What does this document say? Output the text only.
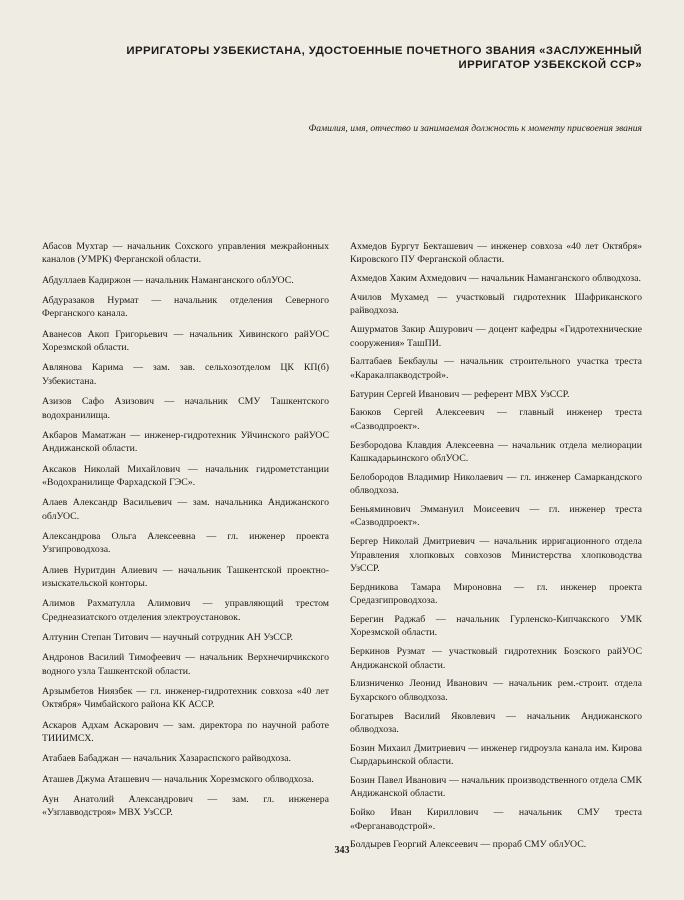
ИРРИГАТОРЫ УЗБЕКИСТАНА, УДОСТОЕННЫЕ ПОЧЕТНОГО ЗВАНИЯ «ЗАСЛУЖЕННЫЙ
ИРРИГАТОР УЗБЕКСКОЙ ССР»
Фамилия, имя, отчество и занимаемая должность к моменту присвоения звания

Абасов Мухтар — начальник Сохского управления межрайонных каналов (УМРК) Ферганской области.

Абдуллаев Кадиржон — начальник Наманганского облУОС.

Абдуразаков Нурмат — начальник отделения Северного Ферганского канала.

Аванесов Акоп Григорьевич — начальник Хивинского райУОС Хорезмской области.

Авлянова Карима — зам. зав. сельхозотделом ЦК КП(б) Узбекистана.

Азизов Сафо Азизович — начальник СМУ Ташкентского водохранилища.

Акбаров Маматжан — инженер-гидротехник Уйчинского райУОС Андижанской области.

Аксаков Николай Михайлович — начальник гидрометстанции «Водохранилище Фархадской ГЭС».

Алаев Александр Васильевич — зам. начальника Андижанского облУОС.

Александрова Ольга Алексеевна — гл. инженер проекта Узгипроводхоза.

Алиев Нуритдин Алиевич — начальник Ташкентской проектно-изыскательской конторы.

Алимов Рахматулла Алимович — управляющий трестом Среднеазиатского отделения электроустановок.

Алтунин Степан Титович — научный сотрудник АН УзССР.

Андронов Василий Тимофеевич — начальник Верхнечирчикского водного узла Ташкентской области.

Арзымбетов Ниязбек — гл. инженер-гидротехник совхоза «40 лет Октября» Чимбайского района КК АССР.

Аскаров Адхам Аскарович — зам. директора по научной работе ТИИИМСХ.

Атабаев Бабаджан — начальник Хазараспского райводхоза.

Аташев Джума Аташевич — начальник Хорезмского облводхоза.

Аун Анатолий Александрович — зам. гл. инженера «Узглавводстроя» МВХ УзССР.

Ахмедов Бургут Бекташевич — инженер совхоза «40 лет Октября» Кировского ПУ Ферганской области.

Ахмедов Хаким Ахмедович — начальник Наманганского облводхоза.

Ачилов Мухамед — участковый гидротехник Шафриканского райводхоза.

Ашурматов Закир Ашурович — доцент кафедры «Гидротехнические сооружения» ТашПИ.

Балтабаев Бекбаулы — начальник строительного участка треста «Каракалпакводстрой».

Батурин Сергей Иванович — референт МВХ УзССР.

Баюков Сергей Алексеевич — главный инженер треста «Сазводпроект».

Безбородова Клавдия Алексеевна — начальник отдела мелиорации Кашкадарьинского облУОС.

Белобородов Владимир Николаевич — гл. инженер Самаркандского облводхоза.

Беньяминович Эммануил Моисеевич — гл. инженер треста «Сазводпроект».

Бергер Николай Дмитриевич — начальник ирригационного отдела Управления хлопковых совхозов Министерства хлопководства УзССР.

Бердникова Тамара Мироновна — гл. инженер проекта Средазгипроводхоза.

Берегин Раджаб — начальник Гурленско-Кипчакского УМК Хорезмской области.

Беркинов Рузмат — участковый гидротехник Бозского райУОС Андижанской области.

Близниченко Леонид Иванович — начальник рем.-строит. отдела Бухарского облводхоза.

Богатырев Василий Яковлевич — начальник Андижанского облводхоза.

Бозин Михаил Дмитриевич — инженер гидроузла канала им. Кирова Сырдарьинской области.

Бозин Павел Иванович — начальник производственного отдела СМК Андижанской области.

Бойко Иван Кириллович — начальник СМУ треста «Ферганаводстрой».

Болдырев Георгий Алексеевич — прораб СМУ облУОС.

343
